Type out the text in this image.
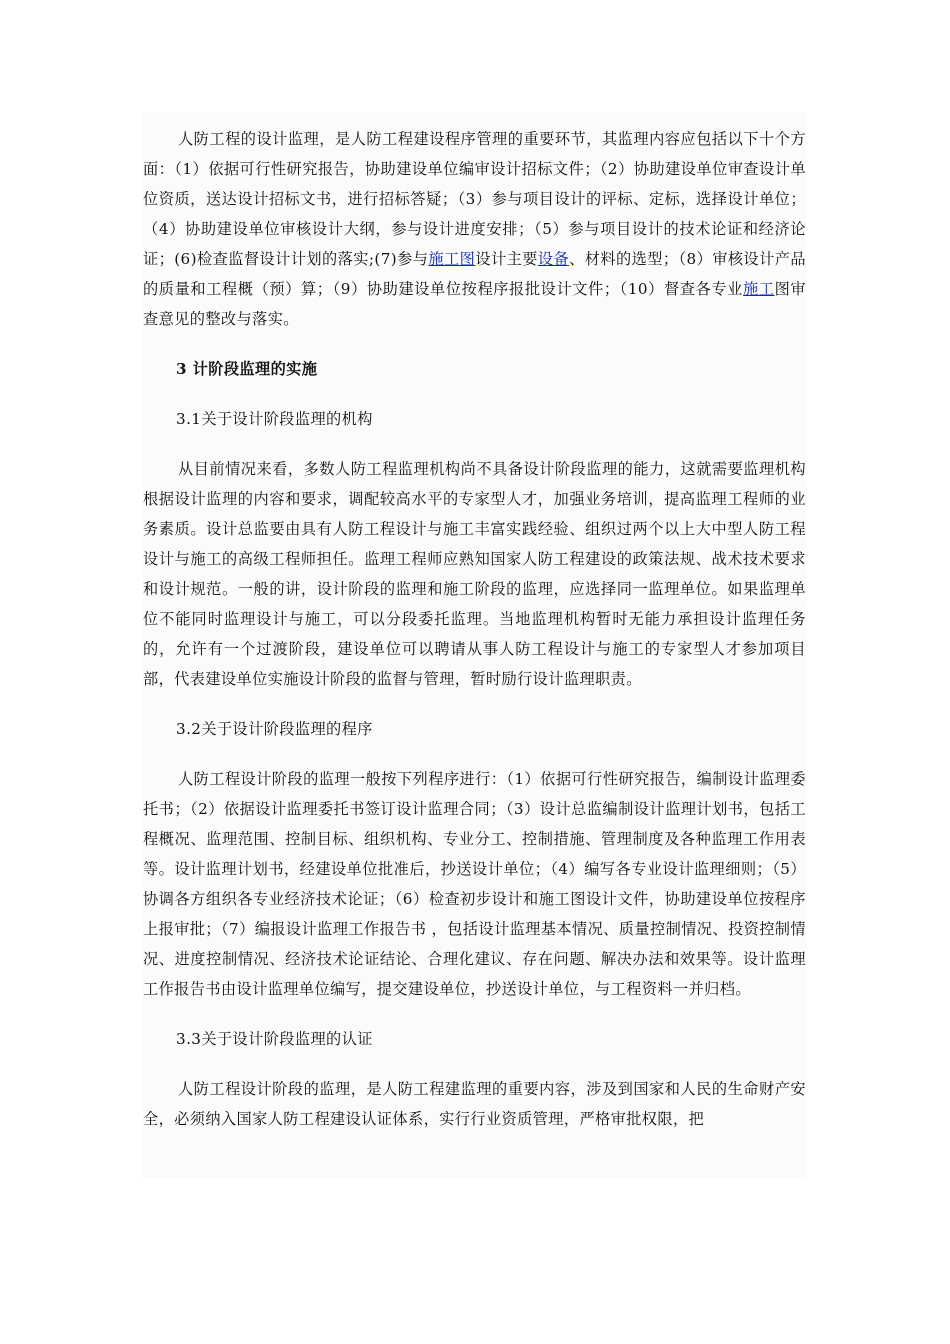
人防工程的设计监理，是人防工程建设程序管理的重要环节，其监理内容应包括以下十个方面：（1）依据可行性研究报告，协助建设单位编审设计招标文件；（2）协助建设单位审查设计单位资质，送达设计招标文书，进行招标答疑；（3）参与项目设计的评标、定标，选择设计单位；（4）协助建设单位审核设计大纲，参与设计进度安排；（5）参与项目设计的技术论证和经济论证；(6)检查监督设计计划的落实;(7)参与施工图设计主要设备、材料的选型；（8）审核设计产品的质量和工程概（预）算；（9）协助建设单位按程序报批设计文件；（10）督查各专业施工图审查意见的整改与落实。

3 计阶段监理的实施

3.1关于设计阶段监理的机构

从目前情况来看，多数人防工程监理机构尚不具备设计阶段监理的能力，这就需要监理机构根据设计监理的内容和要求，调配较高水平的专家型人才，加强业务培训，提高监理工程师的业务素质。设计总监要由具有人防工程设计与施工丰富实践经验、组织过两个以上大中型人防工程设计与施工的高级工程师担任。监理工程师应熟知国家人防工程建设的政策法规、战术技术要求和设计规范。一般的讲，设计阶段的监理和施工阶段的监理，应选择同一监理单位。如果监理单位不能同时监理设计与施工，可以分段委托监理。当地监理机构暂时无能力承担设计监理任务的，允许有一个过渡阶段，建设单位可以聘请从事人防工程设计与施工的专家型人才参加项目部，代表建设单位实施设计阶段的监督与管理，暂时励行设计监理职责。

3.2关于设计阶段监理的程序

人防工程设计阶段的监理一般按下列程序进行：（1）依据可行性研究报告，编制设计监理委托书；（2）依据设计监理委托书签订设计监理合同；（3）设计总监编制设计监理计划书，包括工程概况、监理范围、控制目标、组织机构、专业分工、控制措施、管理制度及各种监理工作用表等。设计监理计划书，经建设单位批准后，抄送设计单位；（4）编写各专业设计监理细则；（5）协调各方组织各专业经济技术论证；（6）检查初步设计和施工图设计文件，协助建设单位按程序上报审批；（7）编报设计监理工作报告书 ，包括设计监理基本情况、质量控制情况、投资控制情况、进度控制情况、经济技术论证结论、合理化建议、存在问题、解决办法和效果等。设计监理工作报告书由设计监理单位编写，提交建设单位，抄送设计单位，与工程资料一并归档。

3.3关于设计阶段监理的认证

人防工程设计阶段的监理，是人防工程建监理的重要内容，涉及到国家和人民的生命财产安全，必须纳入国家人防工程建设认证体系，实行行业资质管理，严格审批权限，把
